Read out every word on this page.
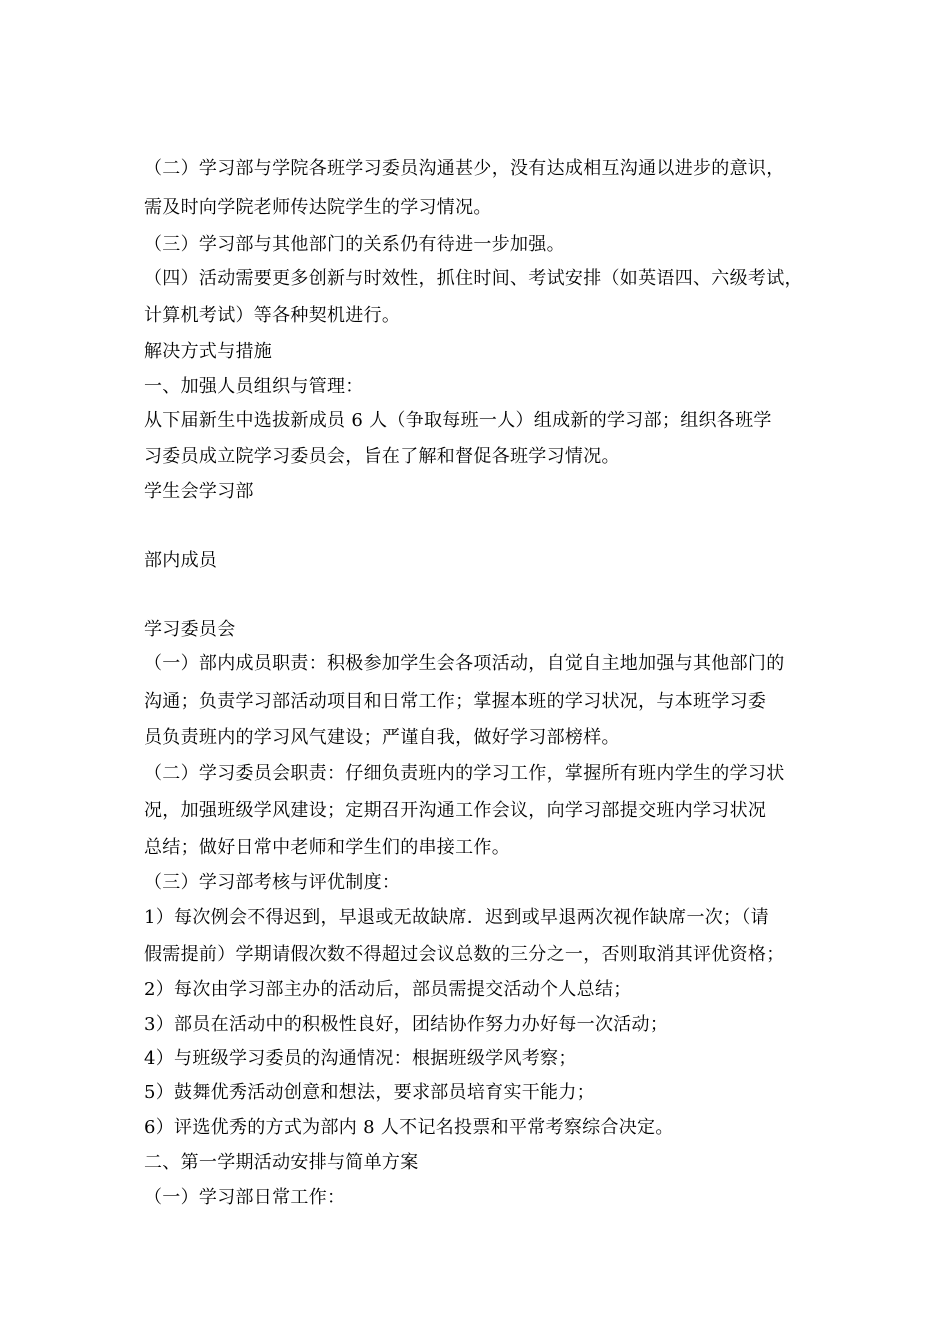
（二）学习部与学院各班学习委员沟通甚少，没有达成相互沟通以进步的意识，
需及时向学院老师传达院学生的学习情况。
（三）学习部与其他部门的关系仍有待进一步加强。
（四）活动需要更多创新与时效性，抓住时间、考试安排（如英语四、六级考试，
计算机考试）等各种契机进行。
解决方式与措施
一、加强人员组织与管理：
从下届新生中选拔新成员 6 人（争取每班一人）组成新的学习部；组织各班学
习委员成立院学习委员会，旨在了解和督促各班学习情况。
学生会学习部
部内成员
学习委员会
（一）部内成员职责：积极参加学生会各项活动，自觉自主地加强与其他部门的
沟通；负责学习部活动项目和日常工作；掌握本班的学习状况，与本班学习委
员负责班内的学习风气建设；严谨自我，做好学习部榜样。
（二）学习委员会职责：仔细负责班内的学习工作，掌握所有班内学生的学习状
况，加强班级学风建设；定期召开沟通工作会议，向学习部提交班内学习状况
总结；做好日常中老师和学生们的串接工作。
（三）学习部考核与评优制度：
1）每次例会不得迟到，早退或无故缺席．迟到或早退两次视作缺席一次；（请
假需提前）学期请假次数不得超过会议总数的三分之一，否则取消其评优资格；
2）每次由学习部主办的活动后，部员需提交活动个人总结；
3）部员在活动中的积极性良好，团结协作努力办好每一次活动；
4）与班级学习委员的沟通情况：根据班级学风考察；
5）鼓舞优秀活动创意和想法，要求部员培育实干能力；
6）评选优秀的方式为部内 8 人不记名投票和平常考察综合决定。
二、第一学期活动安排与简单方案
（一）学习部日常工作：
